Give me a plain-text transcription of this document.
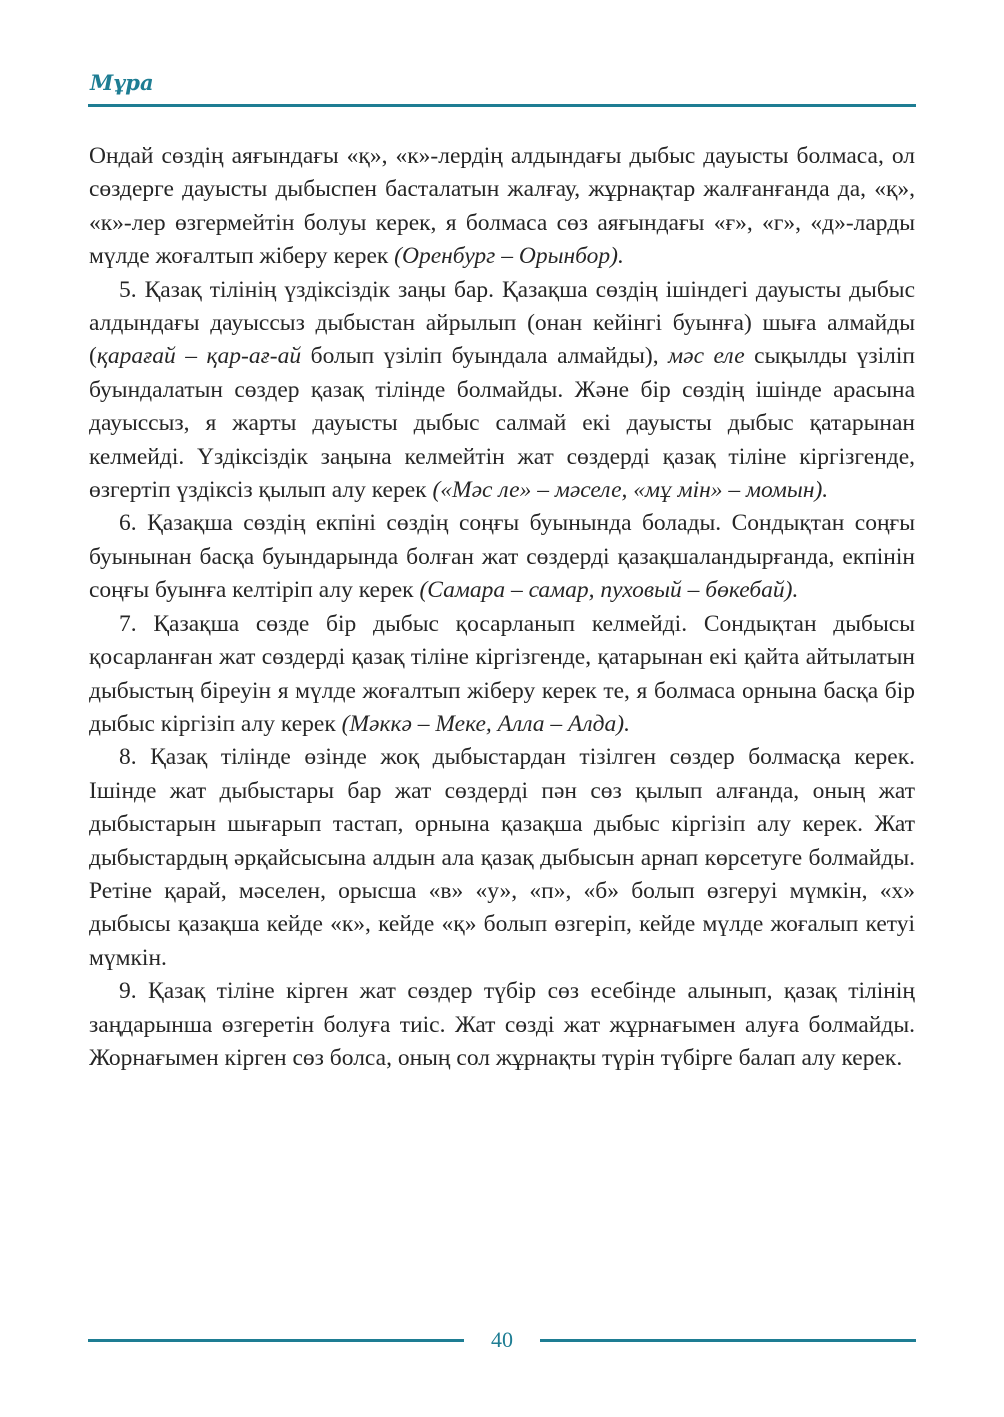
Мұра

Ондай сөздің аяғындағы «қ», «к»-лердің алдындағы дыбыс дауысты болмаса, ол сөздерге дауысты дыбыспен басталатын жалғау, жұрнақтар жалғанғанда да, «қ», «к»-лер өзгермейтін болуы керек, я болмаса сөз аяғындағы «ғ», «г», «д»-ларды мүлде жоғалтып жіберу керек (Оренбург – Орынбор).

5. Қазақ тілінің үздіксіздік заңы бар. Қазақша сөздің ішіндегі дауысты дыбыс алдындағы дауыссыз дыбыстан айрылып (онан кейінгі буынға) шыға алмайды (қарағай – қар-ағ-ай болып үзіліп буындала алмайды), мәс еле сықылды үзіліп буындалатын сөздер қазақ тілінде болмайды. Және бір сөздің ішінде арасына дауыссыз, я жарты дауысты дыбыс салмай екі дауысты дыбыс қатарынан келмейді. Үздіксіздік заңына келмейтін жат сөздерді қазақ тіліне кіргізгенде, өзгертіп үздіксіз қылып алу керек («Мәс ле» – мәселе, «мұ мін» – момын).

6. Қазақша сөздің екпіні сөздің соңғы буынында болады. Сондықтан соңғы буынынан басқа буындарында болған жат сөздерді қазақшаландырғанда, екпінін соңғы буынға келтіріп алу керек (Самара – самар, пуховый – бөкебай).

7. Қазақша сөзде бір дыбыс қосарланып келмейді. Сондықтан дыбысы қосарланған жат сөздерді қазақ тіліне кіргізгенде, қатарынан екі қайта айтылатын дыбыстың біреуін я мүлде жоғалтып жіберу керек те, я болмаса орнына басқа бір дыбыс кіргізіп алу керек (Мәккә – Меке, Алла – Алда).

8. Қазақ тілінде өзінде жоқ дыбыстардан тізілген сөздер болмасқа керек. Ішінде жат дыбыстары бар жат сөздерді пән сөз қылып алғанда, оның жат дыбыстарын шығарып тастап, орнына қазақша дыбыс кіргізіп алу керек. Жат дыбыстардың әрқайсысына алдын ала қазақ дыбысын арнап көрсетуге болмайды. Ретіне қарай, мәселен, орысша «в» «у», «п», «б» болып өзгеруі мүмкін, «х» дыбысы қазақша кейде «к», кейде «қ» болып өзгеріп, кейде мүлде жоғалып кетуі мүмкін.

9. Қазақ тіліне кірген жат сөздер түбір сөз есебінде алынып, қазақ тілінің заңдарынша өзгеретін болуға тиіс. Жат сөзді жат жұрнағымен алуға болмайды. Жорнағымен кірген сөз болса, оның сол жұрнақты түрін түбірге балап алу керек.

40
